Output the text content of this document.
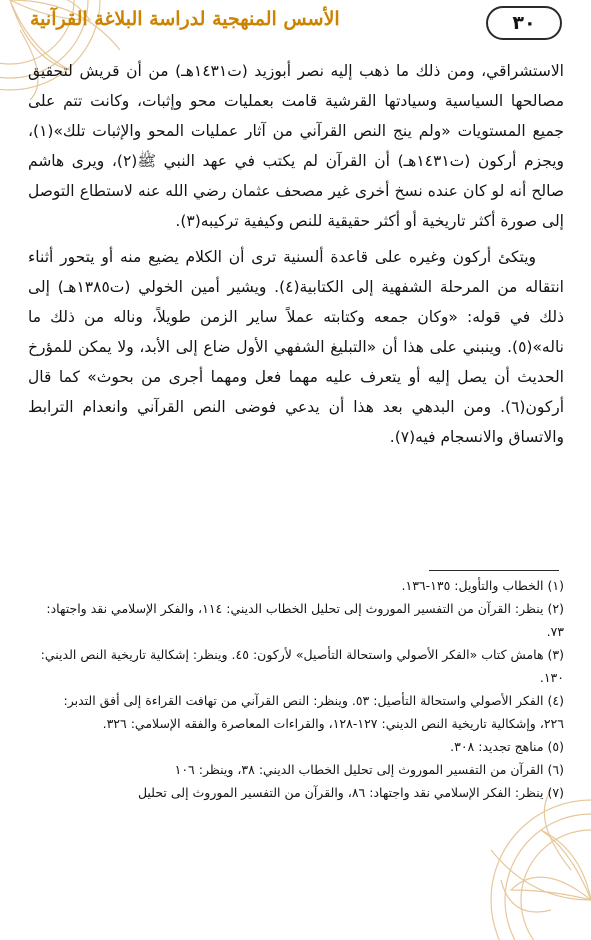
الأسس المنهجية لدراسة البلاغة القرآنية	٣٠

الاستشراقي، ومن ذلك ما ذهب إليه نصر أبوزيد (ت١٤٣١هـ) من أن قريش لتحقيق مصالحها السياسية وسيادتها القرشية قامت بعمليات محو وإثبات، وكانت تتم على جميع المستويات «ولم ينج النص القرآني من آثار عمليات المحو والإثبات تلك»(١)، ويجزم أركون (ت١٤٣١هـ) أن القرآن لم يكتب في عهد النبي ﷺ(٢)، ويرى هاشم صالح أنه لو كان عنده نسخ أخرى غير مصحف عثمان رضي الله عنه لاستطاع التوصل إلى صورة أكثر تاريخية أو أكثر حقيقية للنص وكيفية تركيبه(٣).

ويتكئ أركون وغيره على قاعدة ألسنية ترى أن الكلام يضيع منه أو يتحور أثناء انتقاله من المرحلة الشفهية إلى الكتابية(٤). ويشير أمين الخولي (ت١٣٨٥هـ) إلى ذلك في قوله: «وكان جمعه وكتابته عملاً ساير الزمن طويلاً، وناله من ذلك ما ناله»(٥). وينبني على هذا أن «التبليغ الشفهي الأول ضاع إلى الأبد، ولا يمكن للمؤرخ الحديث أن يصل إليه أو يتعرف عليه مهما فعل ومهما أجرى من بحوث» كما قال أركون(٦). ومن البدهي بعد هذا أن يدعي فوضى النص القرآني وانعدام الترابط والاتساق والانسجام فيه(٧).

(١) الخطاب والتأويل: ١٣٥-١٣٦.

(٢) ينظر: القرآن من التفسير الموروث إلى تحليل الخطاب الديني: ١١٤، والفكر الإسلامي نقد واجتهاد: ٧٣.

(٣) هامش كتاب «الفكر الأصولي واستحالة التأصيل» لأركون: ٤٥. وينظر: إشكالية تاريخية النص الديني: ١٣٠.

(٤) الفكر الأصولي واستحالة التأصيل: ٥٣. وينظر: النص القرآني من تهافت القراءة إلى أفق التدبر: ٢٢٦، وإشكالية تاريخية النص الديني: ١٢٧-١٢٨، والقراءات المعاصرة والفقه الإسلامي: ٣٢٦.

(٥) مناهج تجديد: ٣٠٨.

(٦) القرآن من التفسير الموروث إلى تحليل الخطاب الديني: ٣٨، وينظر: ١٠٦

(٧) ينظر: الفكر الإسلامي نقد واجتهاد: ٨٦، والقرآن من التفسير الموروث إلى تحليل
